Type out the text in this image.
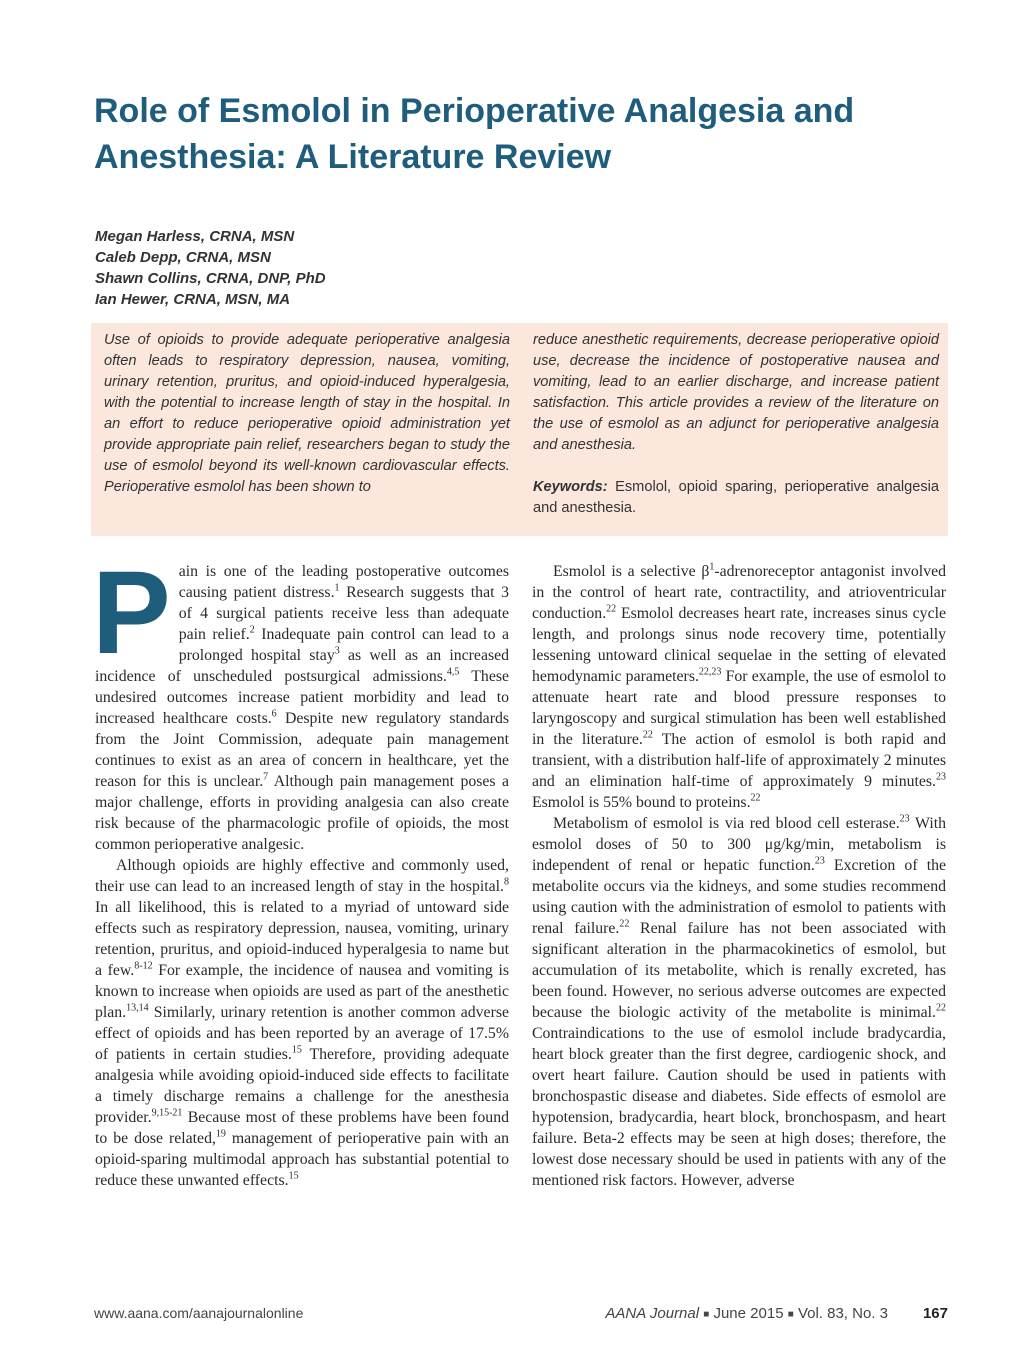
Role of Esmolol in Perioperative Analgesia and
Anesthesia: A Literature Review
Megan Harless, CRNA, MSN
Caleb Depp, CRNA, MSN
Shawn Collins, CRNA, DNP, PhD
Ian Hewer, CRNA, MSN, MA

Use of opioids to provide adequate perioperative analgesia often leads to respiratory depression, nausea, vomiting, urinary retention, pruritus, and opioid-induced hyperalgesia, with the potential to increase length of stay in the hospital. In an effort to reduce perioperative opioid administration yet provide appropriate pain relief, researchers began to study the use of esmolol beyond its well-known cardiovascular effects. Perioperative esmolol has been shown to

reduce anesthetic requirements, decrease perioperative opioid use, decrease the incidence of postoperative nausea and vomiting, lead to an earlier discharge, and increase patient satisfaction. This article provides a review of the literature on the use of esmolol as an adjunct for perioperative analgesia and anesthesia.

Keywords: Esmolol, opioid sparing, perioperative analgesia and anesthesia.

Pain is one of the leading postoperative outcomes causing patient distress.$^1$ Research suggests that 3 of 4 surgical patients receive less than adequate pain relief.$^2$ Inadequate pain control can lead to a prolonged hospital stay$^3$ as well as an increased incidence of unscheduled postsurgical admissions.$^{4,5}$ These undesired outcomes increase patient morbidity and lead to increased healthcare costs.$^6$ Despite new regulatory standards from the Joint Commission, adequate pain management continues to exist as an area of concern in healthcare, yet the reason for this is unclear.$^7$ Although pain management poses a major challenge, efforts in providing analgesia can also create risk because of the pharmacologic profile of opioids, the most common perioperative analgesic.

Although opioids are highly effective and commonly used, their use can lead to an increased length of stay in the hospital.$^8$ In all likelihood, this is related to a myriad of untoward side effects such as respiratory depression, nausea, vomiting, urinary retention, pruritus, and opioid-induced hyperalgesia to name but a few.$^{8-12}$ For example, the incidence of nausea and vomiting is known to increase when opioids are used as part of the anesthetic plan.$^{13,14}$ Similarly, urinary retention is another common adverse effect of opioids and has been reported by an average of 17.5% of patients in certain studies.$^{15}$ Therefore, providing adequate analgesia while avoiding opioid-induced side effects to facilitate a timely discharge remains a challenge for the anesthesia provider.$^{9,15-21}$ Because most of these problems have been found to be dose related,$^{19}$ management of perioperative pain with an opioid-sparing multimodal approach has substantial potential to reduce these unwanted effects.$^{15}$

Esmolol is a selective $\beta^1$-adrenoreceptor antagonist involved in the control of heart rate, contractility, and atrioventricular conduction.$^{22}$ Esmolol decreases heart rate, increases sinus cycle length, and prolongs sinus node recovery time, potentially lessening untoward clinical sequelae in the setting of elevated hemodynamic parameters.$^{22,23}$ For example, the use of esmolol to attenuate heart rate and blood pressure responses to laryngoscopy and surgical stimulation has been well established in the literature.$^{22}$ The action of esmolol is both rapid and transient, with a distribution half-life of approximately 2 minutes and an elimination half-time of approximately 9 minutes.$^{23}$ Esmolol is 55% bound to proteins.$^{22}$

Metabolism of esmolol is via red blood cell esterase.$^{23}$ With esmolol doses of 50 to 300 μg/kg/min, metabolism is independent of renal or hepatic function.$^{23}$ Excretion of the metabolite occurs via the kidneys, and some studies recommend using caution with the administration of esmolol to patients with renal failure.$^{22}$ Renal failure has not been associated with significant alteration in the pharmacokinetics of esmolol, but accumulation of its metabolite, which is renally excreted, has been found. However, no serious adverse outcomes are expected because the biologic activity of the metabolite is minimal.$^{22}$ Contraindications to the use of esmolol include bradycardia, heart block greater than the first degree, cardiogenic shock, and overt heart failure. Caution should be used in patients with bronchospastic disease and diabetes. Side effects of esmolol are hypotension, bradycardia, heart block, bronchospasm, and heart failure. Beta-2 effects may be seen at high doses; therefore, the lowest dose necessary should be used in patients with any of the mentioned risk factors. However, adverse

www.aana.com/aanajournalonline	AANA Journal ■ June 2015 ■ Vol. 83, No. 3 167
